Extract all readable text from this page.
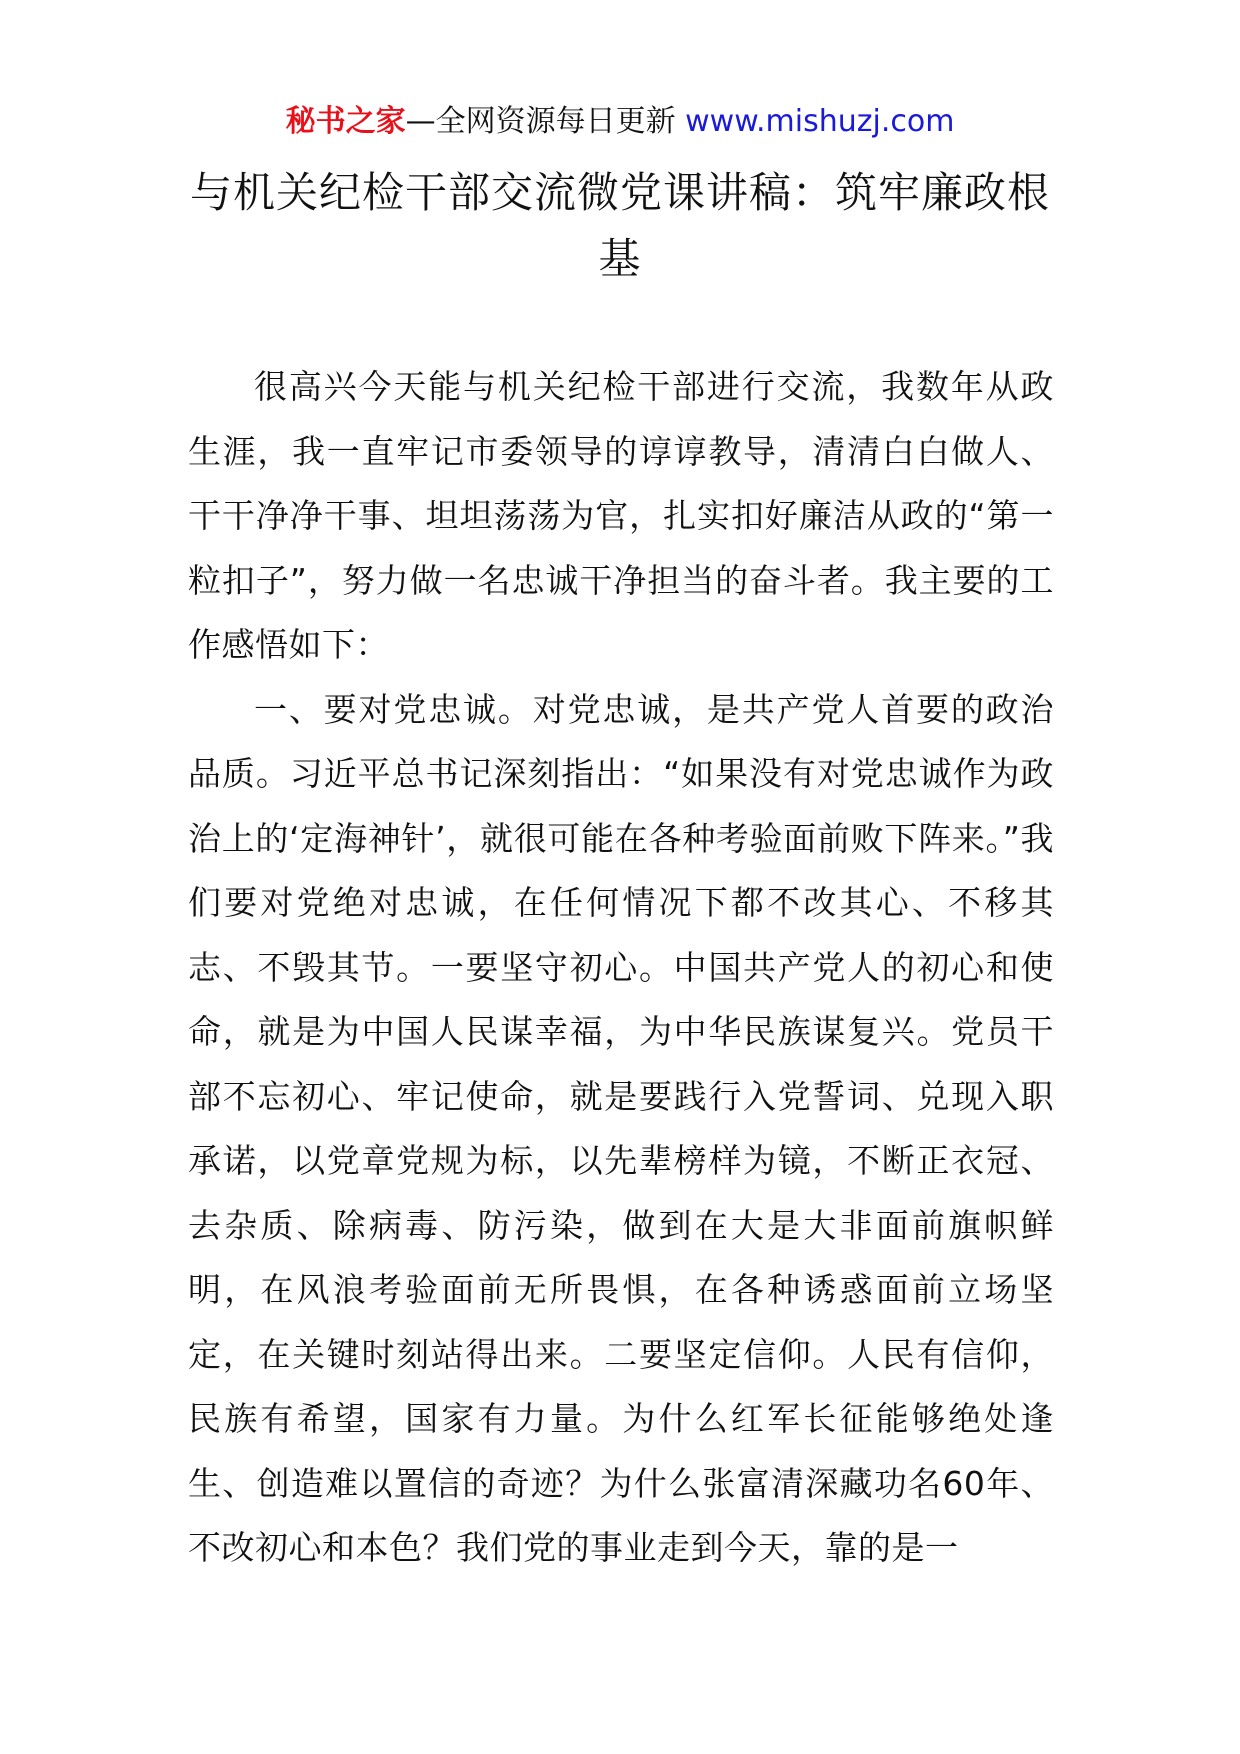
秘书之家—全网资源每日更新 www.mishuzj.com
与机关纪检干部交流微党课讲稿：筑牢廉政根基

很高兴今天能与机关纪检干部进行交流，我数年从政生涯，我一直牢记市委领导的谆谆教导，清清白白做人、干干净净干事、坦坦荡荡为官，扎实扣好廉洁从政的“第一粒扣子”，努力做一名忠诚干净担当的奋斗者。我主要的工作感悟如下：

一、要对党忠诚。对党忠诚，是共产党人首要的政治品质。习近平总书记深刻指出：“如果没有对党忠诚作为政治上的‘定海神针’，就很可能在各种考验面前败下阵来。”我们要对党绝对忠诚，在任何情况下都不改其心、不移其志、不毁其节。一要坚守初心。中国共产党人的初心和使命，就是为中国人民谋幸福，为中华民族谋复兴。党员干部不忘初心、牢记使命，就是要践行入党誓词、兑现入职承诺，以党章党规为标，以先辈榜样为镜，不断正衣冠、去杂质、除病毒、防污染，做到在大是大非面前旗帜鲜明，在风浪考验面前无所畏惧，在各种诱惑面前立场坚定，在关键时刻站得出来。二要坚定信仰。人民有信仰，民族有希望，国家有力量。为什么红军长征能够绝处逢生、创造难以置信的奇迹？为什么张富清深藏功名60年、不改初心和本色？我们党的事业走到今天，靠的是一
